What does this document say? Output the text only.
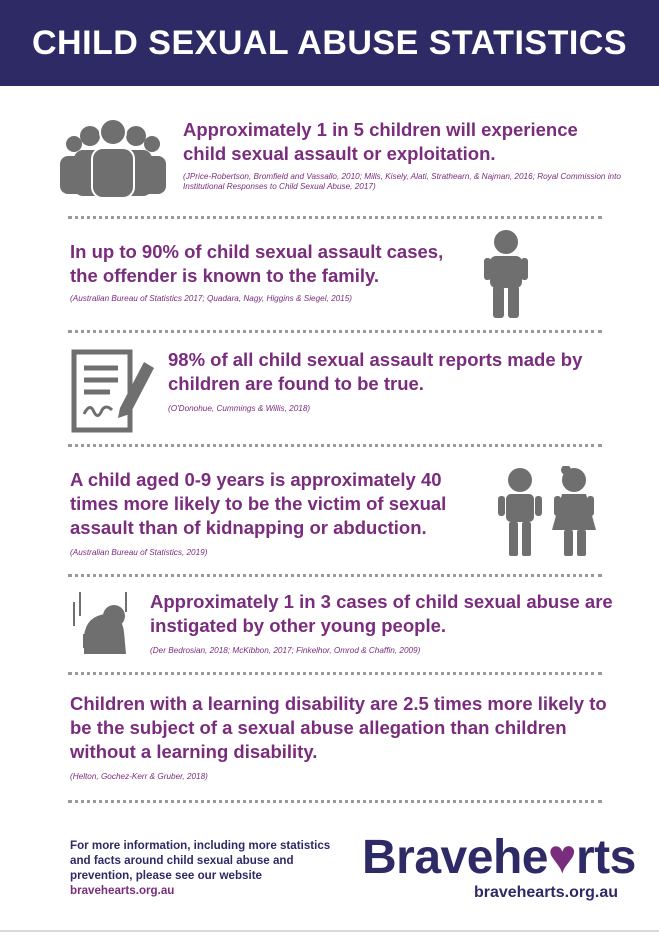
CHILD SEXUAL ABUSE STATISTICS

Approximately 1 in 5 children will experience child sexual assault or exploitation.

(JPrice-Robertson, Bromfield and Vassallo, 2010; Mills, Kisely, Alati, Strathearn, & Najman, 2016; Royal Commission into Institutional Responses to Child Sexual Abuse, 2017)

In up to 90% of child sexual assault cases, the offender is known to the family.

(Australian Bureau of Statistics 2017; Quadara, Nagy, Higgins & Siegel, 2015)

98% of all child sexual assault reports made by children are found to be true.

(O'Donohue, Cummings & Willis, 2018)

A child aged 0-9 years is approximately 40 times more likely to be the victim of sexual assault than of kidnapping or abduction.

(Australian Bureau of Statistics, 2019)

Approximately 1 in 3 cases of child sexual abuse are instigated by other young people.

(Der Bedrosian, 2018; McKibbon, 2017; Finkelhor, Omrod & Chaffin, 2009)

Children with a learning disability are 2.5 times more likely to be the subject of a sexual abuse allegation than children without a learning disability.

(Helton, Gochez-Kerr & Gruber, 2018)

For more information, including more statistics and facts around child sexual abuse and prevention, please see our website bravehearts.org.au
Bravehe♥rts
bravehearts.org.au
